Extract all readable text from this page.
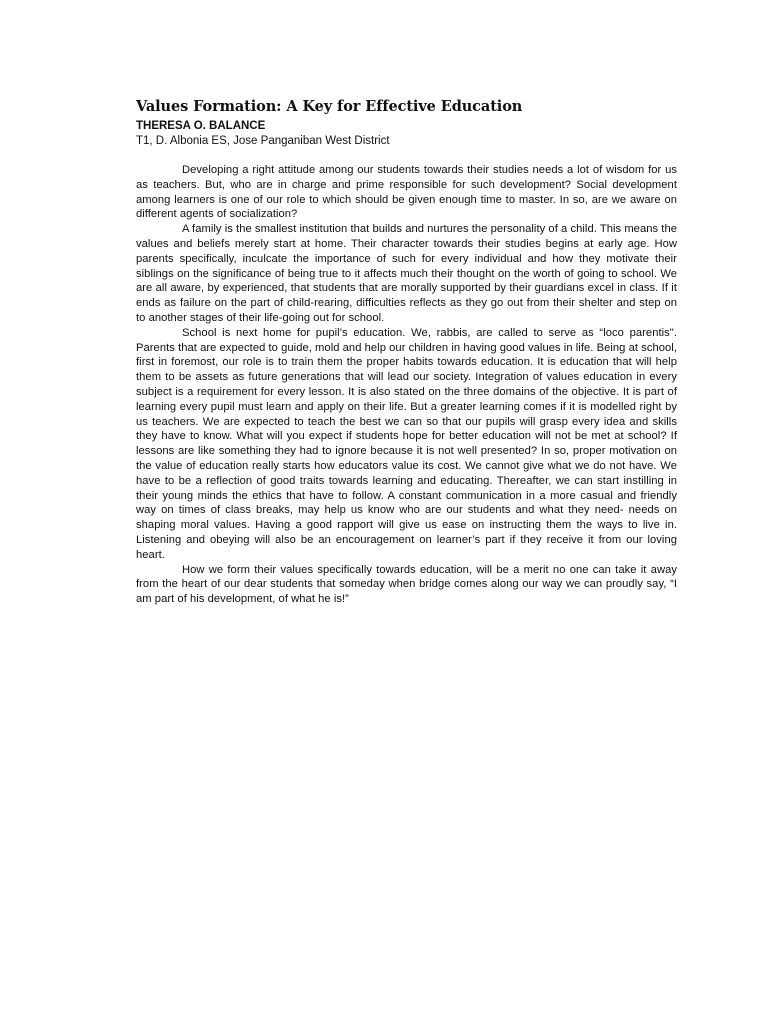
Values Formation: A Key for Effective Education
THERESA O. BALANCE
T1, D. Albonia ES, Jose Panganiban West District

Developing a right attitude among our students towards their studies needs a lot of wisdom for us as teachers. But, who are in charge and prime responsible for such development? Social development among learners is one of our role to which should be given enough time to master. In so, are we aware on different agents of socialization?

A family is the smallest institution that builds and nurtures the personality of a child. This means the values and beliefs merely start at home. Their character towards their studies begins at early age. How parents specifically, inculcate the importance of such for every individual and how they motivate their siblings on the significance of being true to it affects much their thought on the worth of going to school. We are all aware, by experienced, that students that are morally supported by their guardians excel in class. If it ends as failure on the part of child-rearing, difficulties reflects as they go out from their shelter and step on to another stages of their life-going out for school.

School is next home for pupil’s education. We, rabbis, are called to serve as “loco parentis". Parents that are expected to guide, mold and help our children in having good values in life. Being at school, first in foremost, our role is to train them the proper habits towards education. It is education that will help them to be assets as future generations that will lead our society. Integration of values education in every subject is a requirement for every lesson. It is also stated on the three domains of the objective. It is part of learning every pupil must learn and apply on their life. But a greater learning comes if it is modelled right by us teachers. We are expected to teach the best we can so that our pupils will grasp every idea and skills they have to know. What will you expect if students hope for better education will not be met at school? If lessons are like something they had to ignore because it is not well presented? In so, proper motivation on the value of education really starts how educators value its cost. We cannot give what we do not have. We have to be a reflection of good traits towards learning and educating. Thereafter, we can start instilling in their young minds the ethics that have to follow. A constant communication in a more casual and friendly way on times of class breaks, may help us know who are our students and what they need- needs on shaping moral values. Having a good rapport will give us ease on instructing them the ways to live in. Listening and obeying will also be an encouragement on learner’s part if they receive it from our loving heart.

How we form their values specifically towards education, will be a merit no one can take it away from the heart of our dear students that someday when bridge comes along our way we can proudly say, “I am part of his development, of what he is!”
